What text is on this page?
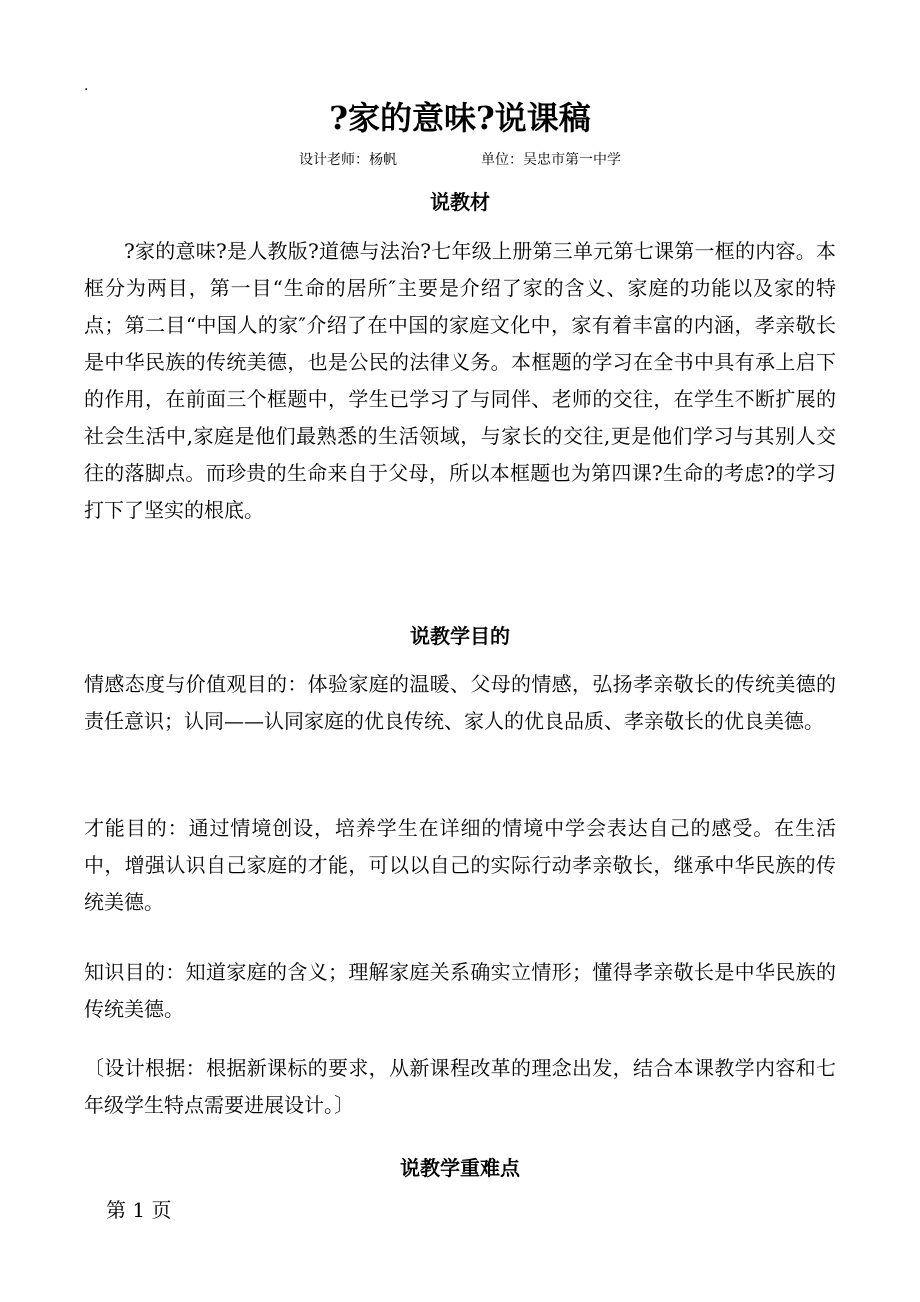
.
?家的意味?说课稿
设计老师：杨帆	单位：吴忠市第一中学
说教材

?家的意味?是人教版?道德与法治?七年级上册第三单元第七课第一框的内容。本框分为两目，第一目“生命的居所″主要是介绍了家的含义、家庭的功能以及家的特点；第二目“中国人的家″介绍了在中国的家庭文化中，家有着丰富的内涵，孝亲敬长是中华民族的传统美德，也是公民的法律义务。本框题的学习在全书中具有承上启下的作用，在前面三个框题中，学生已学习了与同伴、老师的交往，在学生不断扩展的社会生活中,家庭是他们最熟悉的生活领域，与家长的交往,更是他们学习与其别人交往的落脚点。而珍贵的生命来自于父母，所以本框题也为第四课?生命的考虑?的学习打下了坚实的根底。

说教学目的

情感态度与价值观目的：体验家庭的温暖、父母的情感，弘扬孝亲敬长的传统美德的责任意识；认同——认同家庭的优良传统、家人的优良品质、孝亲敬长的优良美德。

才能目的：通过情境创设，培养学生在详细的情境中学会表达自己的感受。在生活中，增强认识自己家庭的才能，可以以自己的实际行动孝亲敬长，继承中华民族的传统美德。

知识目的：知道家庭的含义；理解家庭关系确实立情形；懂得孝亲敬长是中华民族的传统美德。

〔设计根据：根据新课标的要求，从新课程改革的理念出发，结合本课教学内容和七年级学生特点需要进展设计。〕

说教学重难点
第 1 页
